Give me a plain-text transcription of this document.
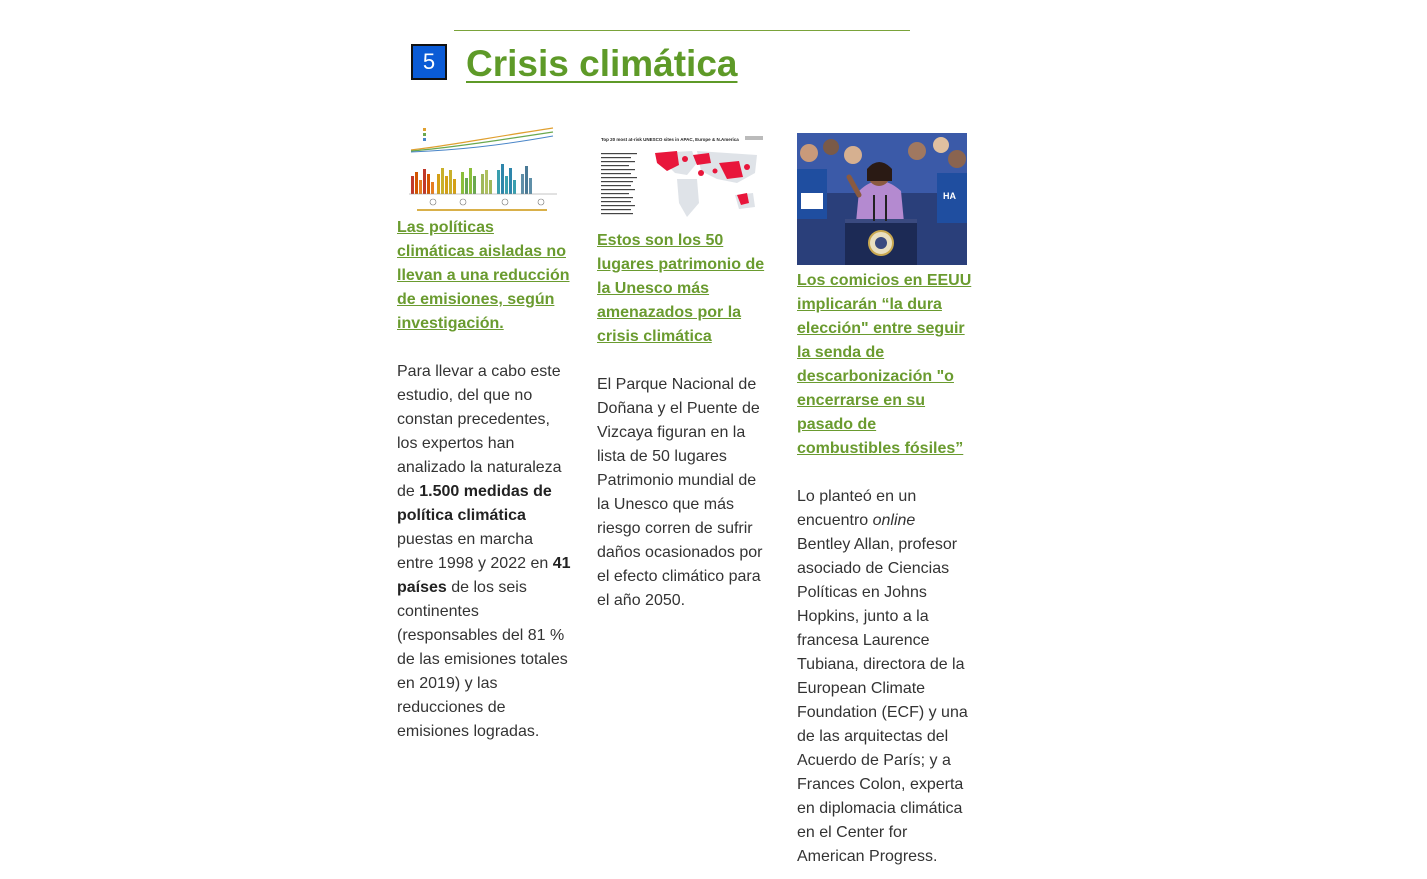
5 Crisis climática
Las políticas climáticas aisladas no llevan a una reducción de emisiones, según investigación.
Para llevar a cabo este estudio, del que no constan precedentes, los expertos han analizado la naturaleza de 1.500 medidas de política climática puestas en marcha entre 1998 y 2022 en 41 países de los seis continentes (responsables del 81 % de las emisiones totales en 2019) y las reducciones de emisiones logradas.
Top 20 most at-risk UNESCO sites in APAC, Europe & N.America
Estos son los 50 lugares patrimonio de la Unesco más amenazados por la crisis climática
El Parque Nacional de Doñana y el Puente de Vizcaya figuran en la lista de 50 lugares Patrimonio mundial de la Unesco que más riesgo corren de sufrir daños ocasionados por el efecto climático para el año 2050.
HA
Los comicios en EEUU implicarán “la dura elección" entre seguir la senda de descarbonización "o encerrarse en su pasado de combustibles fósiles”
Lo planteó en un encuentro online Bentley Allan, profesor asociado de Ciencias Políticas en Johns Hopkins, junto a la francesa Laurence Tubiana, directora de la European Climate Foundation (ECF) y una de las arquitectas del Acuerdo de París; y a Frances Colon, experta en diplomacia climática en el Center for American Progress.
